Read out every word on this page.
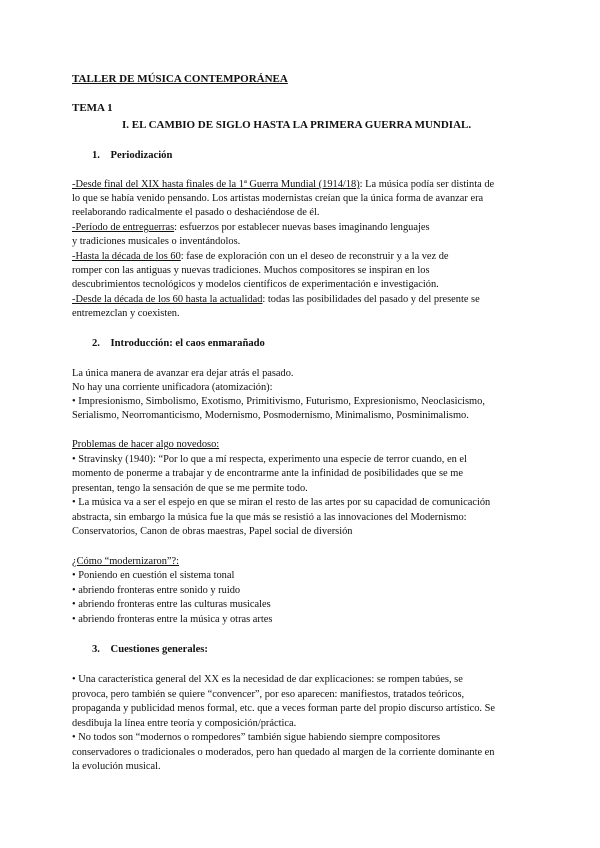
TALLER DE MÚSICA CONTEMPORÁNEA
TEMA 1
I. EL CAMBIO DE SIGLO HASTA LA PRIMERA GUERRA MUNDIAL.
1. Periodización
-Desde final del XIX hasta finales de la 1ª Guerra Mundial (1914/18): La música podía ser distinta de
lo que se había venido pensando. Los artistas modernistas creían que la única forma de avanzar era
reelaborando radicalmente el pasado o deshaciéndose de él.
-Período de entreguerras: esfuerzos por establecer nuevas bases imaginando lenguajes
y tradiciones musicales o inventándolos.
-Hasta la década de los 60: fase de exploración con un el deseo de reconstruir y a la vez de
romper con las antiguas y nuevas tradiciones. Muchos compositores se inspiran en los
descubrimientos tecnológicos y modelos científicos de experimentación e investigación.
-Desde la década de los 60 hasta la actualidad: todas las posibilidades del pasado y del presente se
entremezclan y coexisten.
2. Introducción: el caos enmarañado
La única manera de avanzar era dejar atrás el pasado.
No hay una corriente unificadora (atomización):
• Impresionismo, Simbolismo, Exotismo, Primitivismo, Futurismo, Expresionismo, Neoclasicismo,
Serialismo, Neorromanticismo, Modernismo, Posmodernismo, Minimalismo, Posminimalismo.
Problemas de hacer algo novedoso:
• Stravinsky (1940): “Por lo que a mí respecta, experimento una especie de terror cuando, en el
momento de ponerme a trabajar y de encontrarme ante la infinidad de posibilidades que se me
presentan, tengo la sensación de que se me permite todo.
• La música va a ser el espejo en que se miran el resto de las artes por su capacidad de comunicación
abstracta, sin embargo la música fue la que más se resistió a las innovaciones del Modernismo:
Conservatorios, Canon de obras maestras, Papel social de diversión
¿Cómo “modernizaron”?:
• Poniendo en cuestión el sistema tonal
• abriendo fronteras entre sonido y ruido
• abriendo fronteras entre las culturas musicales
• abriendo fronteras entre la música y otras artes
3. Cuestiones generales:
• Una característica general del XX es la necesidad de dar explicaciones: se rompen tabúes, se
provoca, pero también se quiere “convencer”, por eso aparecen: manifiestos, tratados teóricos,
propaganda y publicidad menos formal, etc. que a veces forman parte del propio discurso artístico. Se
desdibuja la línea entre teoría y composición/práctica.
• No todos son “modernos o rompedores” también sigue habiendo siempre compositores
conservadores o tradicionales o moderados, pero han quedado al margen de la corriente dominante en
la evolución musical.
